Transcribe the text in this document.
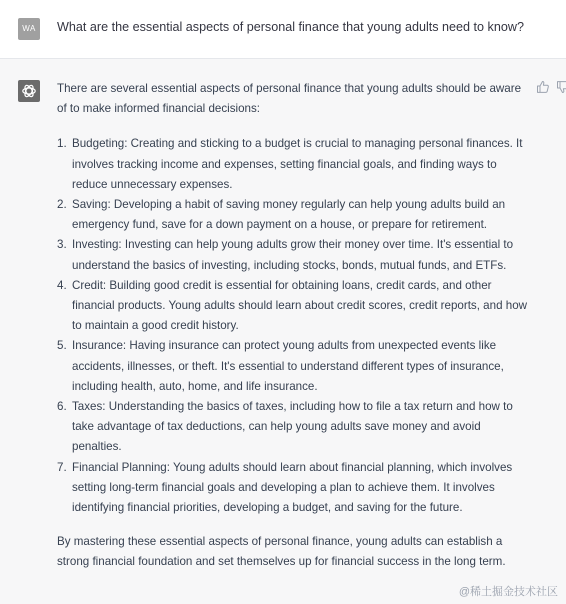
WA	What are the essential aspects of personal finance that young adults need to know?

There are several essential aspects of personal finance that young adults should be aware of to make informed financial decisions:

1. Budgeting: Creating and sticking to a budget is crucial to managing personal finances. It involves tracking income and expenses, setting financial goals, and finding ways to reduce unnecessary expenses.
2. Saving: Developing a habit of saving money regularly can help young adults build an emergency fund, save for a down payment on a house, or prepare for retirement.
3. Investing: Investing can help young adults grow their money over time. It's essential to understand the basics of investing, including stocks, bonds, mutual funds, and ETFs.
4. Credit: Building good credit is essential for obtaining loans, credit cards, and other financial products. Young adults should learn about credit scores, credit reports, and how to maintain a good credit history.
5. Insurance: Having insurance can protect young adults from unexpected events like accidents, illnesses, or theft. It's essential to understand different types of insurance, including health, auto, home, and life insurance.
6. Taxes: Understanding the basics of taxes, including how to file a tax return and how to take advantage of tax deductions, can help young adults save money and avoid penalties.
7. Financial Planning: Young adults should learn about financial planning, which involves setting long-term financial goals and developing a plan to achieve them. It involves identifying financial priorities, developing a budget, and saving for the future.

By mastering these essential aspects of personal finance, young adults can establish a strong financial foundation and set themselves up for financial success in the long term.

@稀土掘金技术社区
